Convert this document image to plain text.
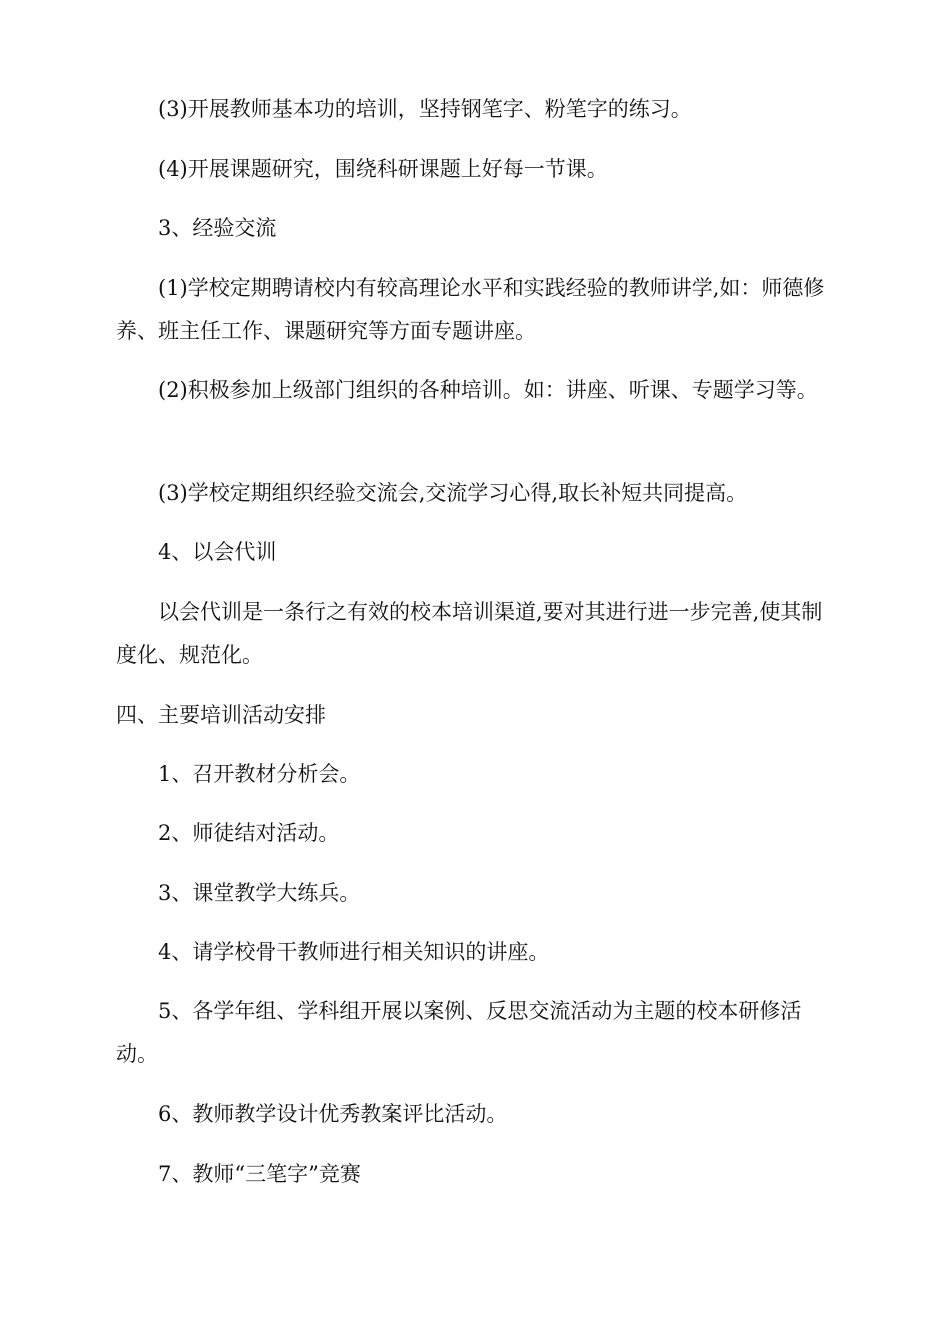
(3)开展教师基本功的培训，坚持钢笔字、粉笔字的练习。

(4)开展课题研究，围绕科研课题上好每一节课。

3、经验交流

(1)学校定期聘请校内有较高理论水平和实践经验的教师讲学,如：师德修养、班主任工作、课题研究等方面专题讲座。

(2)积极参加上级部门组织的各种培训。如：讲座、听课、专题学习等。

(3)学校定期组织经验交流会,交流学习心得,取长补短共同提高。

4、以会代训

以会代训是一条行之有效的校本培训渠道,要对其进行进一步完善,使其制度化、规范化。

四、主要培训活动安排

1、召开教材分析会。

2、师徒结对活动。

3、课堂教学大练兵。

4、请学校骨干教师进行相关知识的讲座。

5、各学年组、学科组开展以案例、反思交流活动为主题的校本研修活动。

6、教师教学设计优秀教案评比活动。

7、教师“三笔字”竞赛
